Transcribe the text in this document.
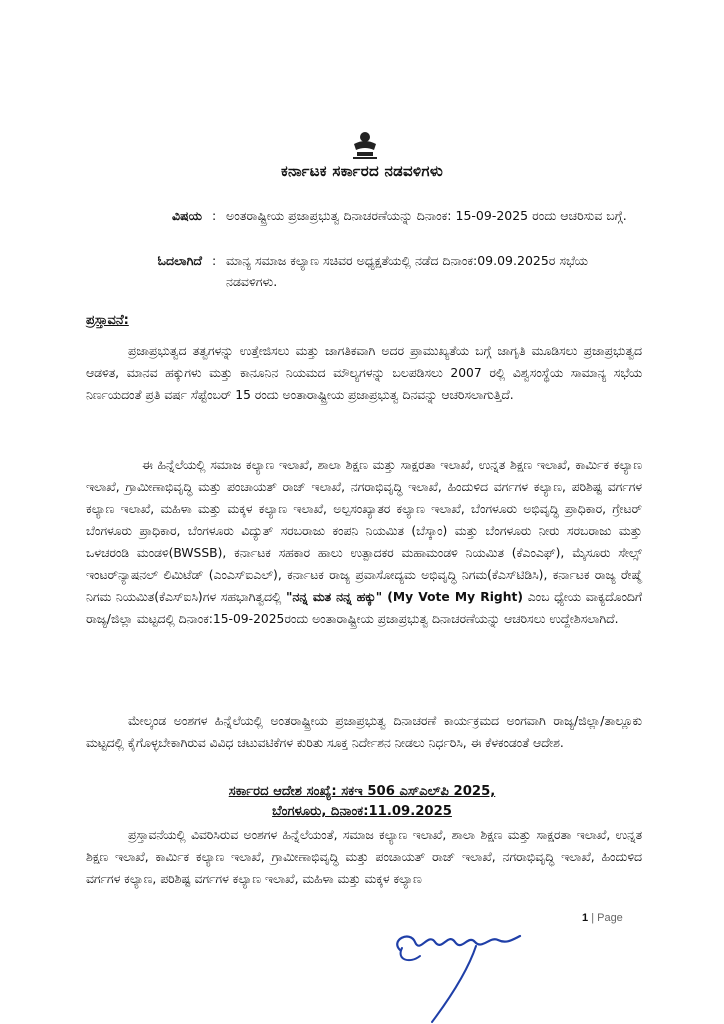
ಕರ್ನಾಟಕ ಸರ್ಕಾರದ ನಡವಳಿಗಳು
ವಿಷಯ : ಅಂತರಾಷ್ಟ್ರೀಯ ಪ್ರಜಾಪ್ರಭುತ್ವ ದಿನಾಚರಣೆಯನ್ನು ದಿನಾಂಕ: 15-09-2025 ರಂದು ಆಚರಿಸುವ ಬಗ್ಗೆ.
ಓದಲಾಗಿದೆ : ಮಾನ್ಯ ಸಮಾಜ ಕಲ್ಯಾಣ ಸಚಿವರ ಅಧ್ಯಕ್ಷತೆಯಲ್ಲಿ ನಡೆದ ದಿನಾಂಕ:09.09.2025ರ ಸಭೆಯ ನಡವಳಿಗಳು.
ಪ್ರಸ್ತಾವನೆ:
ಪ್ರಜಾಪ್ರಭುತ್ವದ ತತ್ವಗಳನ್ನು ಉತ್ತೇಜಿಸಲು ಮತ್ತು ಜಾಗತಿಕವಾಗಿ ಅದರ ಪ್ರಾಮುಖ್ಯತೆಯ ಬಗ್ಗೆ ಜಾಗೃತಿ ಮೂಡಿಸಲು ಪ್ರಜಾಪ್ರಭುತ್ವದ ಆಡಳಿತ, ಮಾನವ ಹಕ್ಕುಗಳು ಮತ್ತು ಕಾನೂನಿನ ನಿಯಮದ ಮೌಲ್ಯಗಳನ್ನು ಬಲಪಡಿಸಲು 2007 ರಲ್ಲಿ ವಿಶ್ವಸಂಸ್ಥೆಯ ಸಾಮಾನ್ಯ ಸಭೆಯ ನಿರ್ಣಯದಂತೆ ಪ್ರತಿ ವರ್ಷ ಸೆಪ್ಟೆಂಬರ್ 15 ರಂದು ಅಂತಾರಾಷ್ಟ್ರೀಯ ಪ್ರಜಾಪ್ರಭುತ್ವ ದಿನವನ್ನು ಆಚರಿಸಲಾಗುತ್ತಿದೆ.
ಈ ಹಿನ್ನೆಲೆಯಲ್ಲಿ ಸಮಾಜ ಕಲ್ಯಾಣ ಇಲಾಖೆ, ಶಾಲಾ ಶಿಕ್ಷಣ ಮತ್ತು ಸಾಕ್ಷರತಾ ಇಲಾಖೆ, ಉನ್ನತ ಶಿಕ್ಷಣ ಇಲಾಖೆ, ಕಾರ್ಮಿಕ ಕಲ್ಯಾಣ ಇಲಾಖೆ, ಗ್ರಾಮೀಣಾಭಿವೃದ್ಧಿ ಮತ್ತು ಪಂಚಾಯತ್ ರಾಜ್ ಇಲಾಖೆ, ನಗರಾಭಿವೃದ್ಧಿ ಇಲಾಖೆ, ಹಿಂದುಳಿದ ವರ್ಗಗಳ ಕಲ್ಯಾಣ, ಪರಿಶಿಷ್ಟ ವರ್ಗಗಳ ಕಲ್ಯಾಣ ಇಲಾಖೆ, ಮಹಿಳಾ ಮತ್ತು ಮಕ್ಕಳ ಕಲ್ಯಾಣ ಇಲಾಖೆ, ಅಲ್ಪಸಂಖ್ಯಾತರ ಕಲ್ಯಾಣ ಇಲಾಖೆ, ಬೆಂಗಳೂರು ಅಭಿವೃದ್ಧಿ ಪ್ರಾಧಿಕಾರ, ಗ್ರೇಟರ್ ಬೆಂಗಳೂರು ಪ್ರಾಧಿಕಾರ, ಬೆಂಗಳೂರು ವಿದ್ಯುತ್ ಸರಬರಾಜು ಕಂಪನಿ ನಿಯಮಿತ (ಬೆಸ್ಕಾಂ) ಮತ್ತು ಬೆಂಗಳೂರು ನೀರು ಸರಬರಾಜು ಮತ್ತು ಒಳಚರಂಡಿ ಮಂಡಳಿ(BWSSB), ಕರ್ನಾಟಕ ಸಹಕಾರ ಹಾಲು ಉತ್ಪಾದಕರ ಮಹಾಮಂಡಳಿ ನಿಯಮಿತ (ಕೆಎಂಎಫ್), ಮೈಸೂರು ಸೇಲ್ಸ್ ಇಂಟರ್‌ನ್ಯಾಷನಲ್ ಲಿಮಿಟೆಡ್ (ಎಂಎಸ್ಐಎಲ್), ಕರ್ನಾಟಕ ರಾಜ್ಯ ಪ್ರವಾಸೋದ್ಯಮ ಅಭಿವೃದ್ಧಿ ನಿಗಮ(ಕೆಎಸ್‌ಟಿಡಿಸಿ), ಕರ್ನಾಟಕ ರಾಜ್ಯ ರೇಷ್ಮೆ ನಿಗಮ ನಿಯಮಿತ(ಕೆಎಸ್ಐಸಿ)ಗಳ ಸಹಭಾಗಿತ್ವದಲ್ಲಿ "ನನ್ನ ಮತ ನನ್ನ ಹಕ್ಕು" (My Vote My Right) ಎಂಬ ಧ್ಯೇಯ ವಾಕ್ಯದೊಂದಿಗೆ ರಾಜ್ಯ/ಜಿಲ್ಲಾ ಮಟ್ಟದಲ್ಲಿ ದಿನಾಂಕ:15-09-2025ರಂದು ಅಂತಾರಾಷ್ಟ್ರೀಯ ಪ್ರಜಾಪ್ರಭುತ್ವ ದಿನಾಚರಣೆಯನ್ನು ಆಚರಿಸಲು ಉದ್ದೇಶಿಸಲಾಗಿದೆ.
ಮೇಲ್ಕಂಡ ಅಂಶಗಳ ಹಿನ್ನೆಲೆಯಲ್ಲಿ ಅಂತರಾಷ್ಟ್ರೀಯ ಪ್ರಜಾಪ್ರಭುತ್ವ ದಿನಾಚರಣೆ ಕಾರ್ಯಕ್ರಮದ ಅಂಗವಾಗಿ ರಾಜ್ಯ/ಜಿಲ್ಲಾ/ತಾಲ್ಲೂಕು ಮಟ್ಟದಲ್ಲಿ ಕೈಗೊಳ್ಳಬೇಕಾಗಿರುವ ವಿವಿಧ ಚಟುವಟಿಕೆಗಳ ಕುರಿತು ಸೂಕ್ತ ನಿರ್ದೇಶನ ನೀಡಲು ನಿರ್ಧರಿಸಿ, ಈ ಕೆಳಕಂಡಂತೆ ಆದೇಶ.
ಸರ್ಕಾರದ ಆದೇಶ ಸಂಖ್ಯೆ: ಸಕಇ 506 ಎಸ್‌ಎಲ್‌ಪಿ 2025,
ಬೆಂಗಳೂರು, ದಿನಾಂಕ:11.09.2025
ಪ್ರಸ್ತಾವನೆಯಲ್ಲಿ ವಿವರಿಸಿರುವ ಅಂಶಗಳ ಹಿನ್ನೆಲೆಯಂತೆ, ಸಮಾಜ ಕಲ್ಯಾಣ ಇಲಾಖೆ, ಶಾಲಾ ಶಿಕ್ಷಣ ಮತ್ತು ಸಾಕ್ಷರತಾ ಇಲಾಖೆ, ಉನ್ನತ ಶಿಕ್ಷಣ ಇಲಾಖೆ, ಕಾರ್ಮಿಕ ಕಲ್ಯಾಣ ಇಲಾಖೆ, ಗ್ರಾಮೀಣಾಭಿವೃದ್ಧಿ ಮತ್ತು ಪಂಚಾಯತ್ ರಾಜ್ ಇಲಾಖೆ, ನಗರಾಭಿವೃದ್ಧಿ ಇಲಾಖೆ, ಹಿಂದುಳಿದ ವರ್ಗಗಳ ಕಲ್ಯಾಣ, ಪರಿಶಿಷ್ಟ ವರ್ಗಗಳ ಕಲ್ಯಾಣ ಇಲಾಖೆ, ಮಹಿಳಾ ಮತ್ತು ಮಕ್ಕಳ ಕಲ್ಯಾಣ
1 | Page
